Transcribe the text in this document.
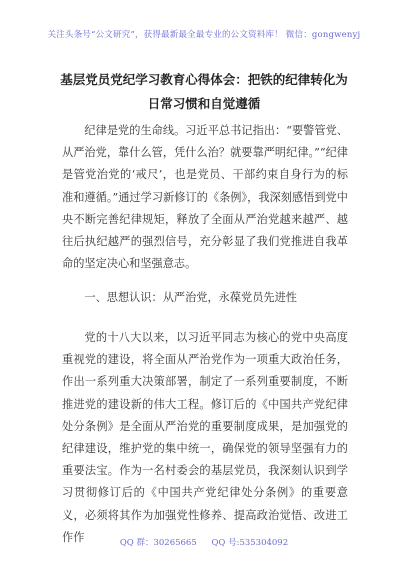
关注头条号“公文研究”，获得最新最全最专业的公文资料库！ 微信：gongwenyj
基层党员党纪学习教育心得体会：把铁的纪律转化为日常习惯和自觉遵循

纪律是党的生命线。习近平总书记指出：“要警管党、从严治党，靠什么管，凭什么治？就要靠严明纪律。”“纪律是管党治党的‘戒尺’，也是党员、干部约束自身行为的标准和遵循。”通过学习新修订的《条例》，我深刻感悟到党中央不断完善纪律规矩，释放了全面从严治党越来越严、越往后执纪越严的强烈信号，充分彰显了我们党推进自我革命的坚定决心和坚强意志。

一、思想认识：从严治党，永葆党员先进性

党的十八大以来，以习近平同志为核心的党中央高度重视党的建设，将全面从严治党作为一项重大政治任务，作出一系列重大决策部署，制定了一系列重要制度，不断推进党的建设新的伟大工程。修订后的《中国共产党纪律处分条例》是全面从严治党的重要制度成果，是加强党的纪律建设，维护党的集中统一，确保党的领导坚强有力的重要法宝。作为一名村委会的基层党员，我深刻认识到学习贯彻修订后的《中国共产党纪律处分条例》的重要意义，必须将其作为加强党性修养、提高政治觉悟、改进工作作	QQ 群：30265665 QQ 号:535304092
